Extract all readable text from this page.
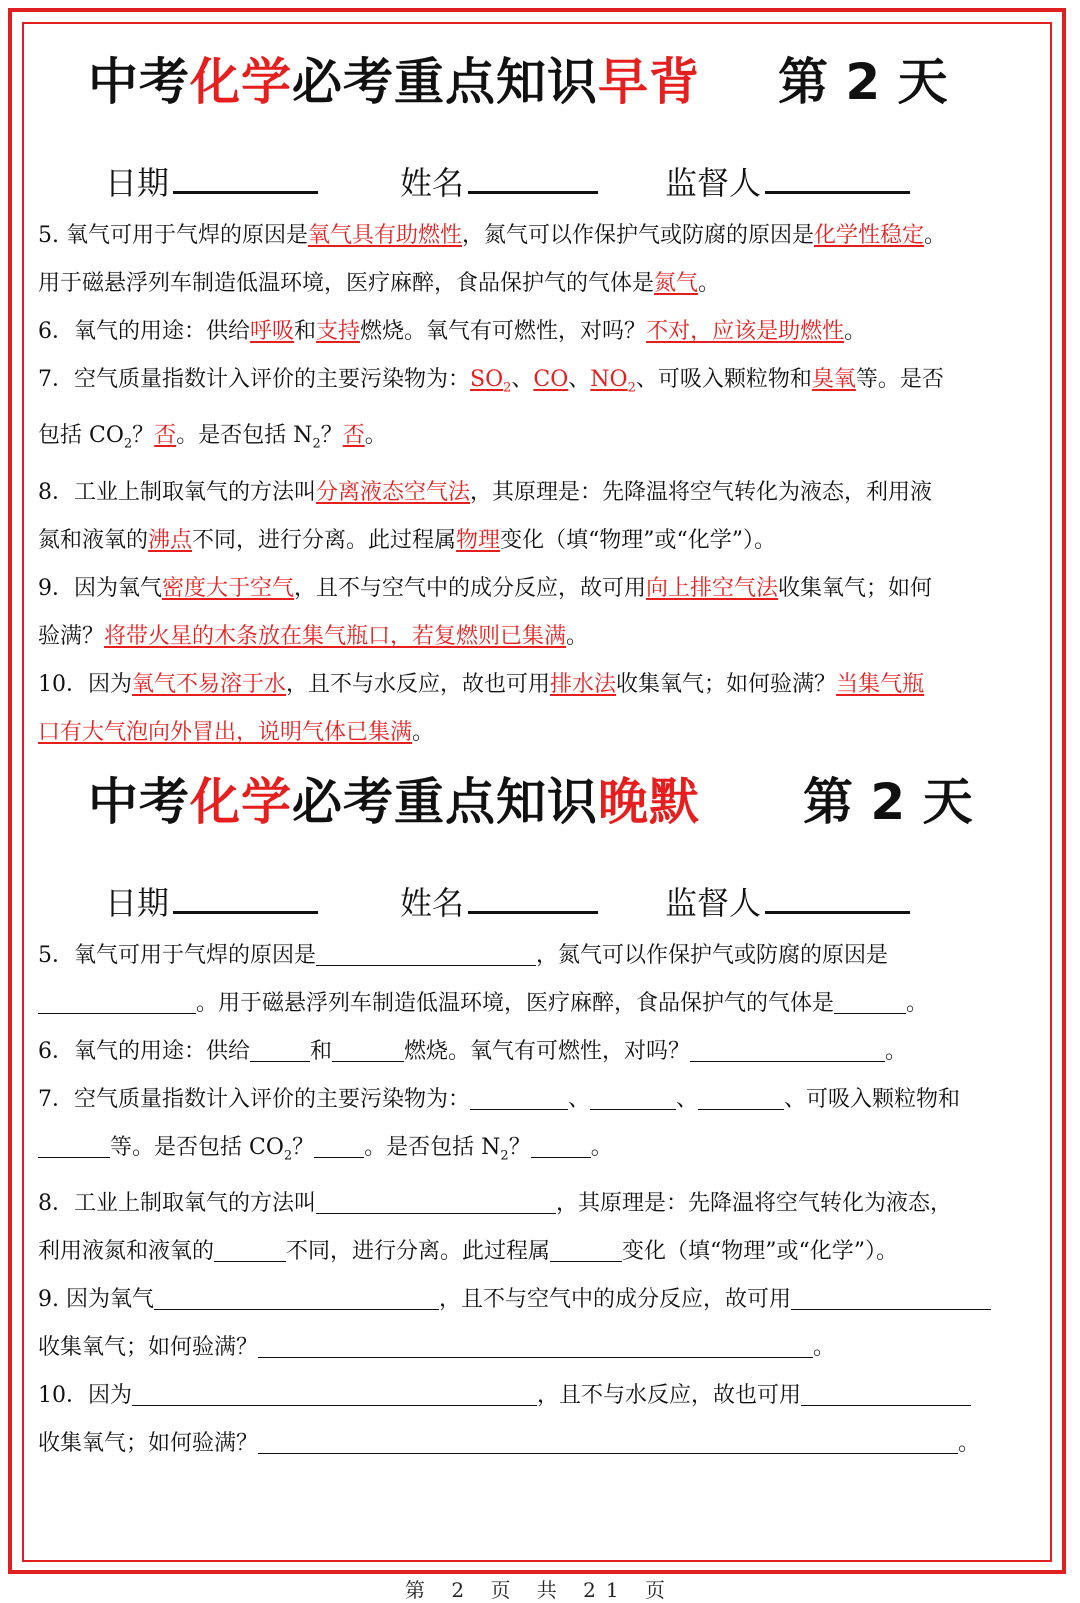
中考化学必考重点知识早背 第 2 天
日期	姓名	监督人

5. 氧气可用于气焊的原因是氧气具有助燃性，氮气可以作保护气或防腐的原因是化学性稳定。
用于磁悬浮列车制造低温环境，医疗麻醉，食品保护气的气体是氮气。

6．氧气的用途：供给呼吸和支持燃烧。氧气有可燃性，对吗？不对，应该是助燃性。

7．空气质量指数计入评价的主要污染物为：$SO_2$、CO、$NO_2$、可吸入颗粒物和臭氧等。是否
包括 $CO_2$？否。是否包括 $N_2$？否。

8．工业上制取氧气的方法叫分离液态空气法，其原理是：先降温将空气转化为液态，利用液
氮和液氧的沸点不同，进行分离。此过程属物理变化（填“物理”或“化学”）。

9．因为氧气密度大于空气，且不与空气中的成分反应，故可用向上排空气法收集氧气；如何
验满？将带火星的木条放在集气瓶口，若复燃则已集满。

10．因为氧气不易溶于水，且不与水反应，故也可用排水法收集氧气；如何验满？当集气瓶
口有大气泡向外冒出，说明气体已集满。

中考化学必考重点知识晚默 第 2 天
日期	姓名	监督人

5．氧气可用于气焊的原因是	，氮气可以作保护气或防腐的原因是
。用于磁悬浮列车制造低温环境，医疗麻醉，食品保护气的气体是	。

6．氧气的用途：供给	和	燃烧。氧气有可燃性，对吗？	。

7．空气质量指数计入评价的主要污染物为：	、	、	、可吸入颗粒物和
等。是否包括 $CO_2$？ 。是否包括 $N_2$？	。

8．工业上制取氧气的方法叫	，其原理是：先降温将空气转化为液态，
利用液氮和液氧的	不同，进行分离。此过程属	变化（填“物理”或“化学”）。

9. 因为氧气	，且不与空气中的成分反应，故可用
收集氧气；如何验满？	。

10．因为	，且不与水反应，故也可用
收集氧气；如何验满？	。

第 2 页 共 21 页
